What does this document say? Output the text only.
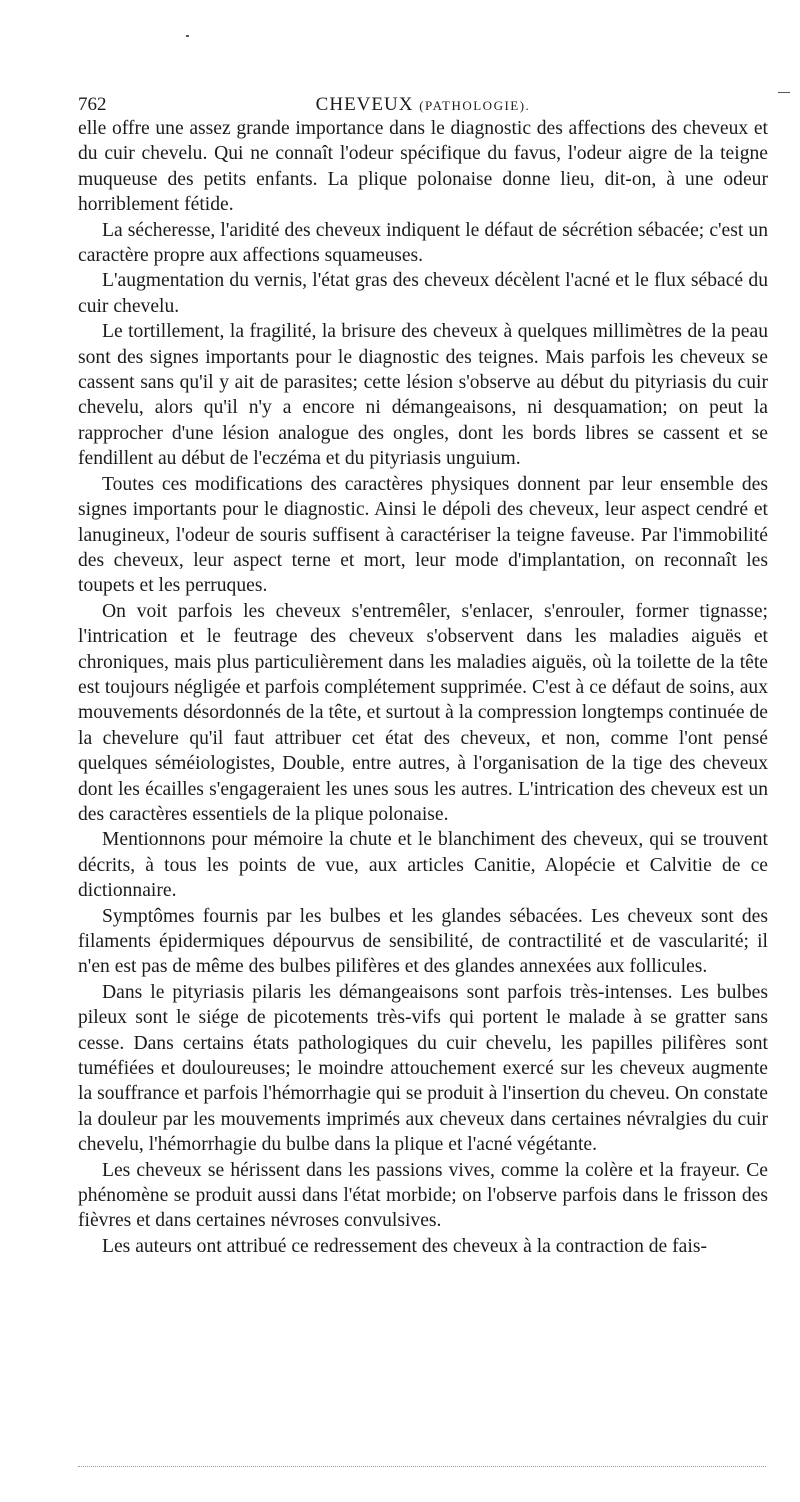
762	CHEVEUX (PATHOLOGIE).

elle offre une assez grande importance dans le diagnostic des affections des cheveux et du cuir chevelu. Qui ne connaît l'odeur spécifique du favus, l'odeur aigre de la teigne muqueuse des petits enfants. La plique polonaise donne lieu, dit-on, à une odeur horriblement fétide.

La sécheresse, l'aridité des cheveux indiquent le défaut de sécrétion sébacée; c'est un caractère propre aux affections squameuses.

L'augmentation du vernis, l'état gras des cheveux décèlent l'acné et le flux sébacé du cuir chevelu.

Le tortillement, la fragilité, la brisure des cheveux à quelques millimètres de la peau sont des signes importants pour le diagnostic des teignes. Mais parfois les cheveux se cassent sans qu'il y ait de parasites; cette lésion s'observe au début du pityriasis du cuir chevelu, alors qu'il n'y a encore ni démangeaisons, ni desquamation; on peut la rapprocher d'une lésion analogue des ongles, dont les bords libres se cassent et se fendillent au début de l'eczéma et du pityriasis unguium.

Toutes ces modifications des caractères physiques donnent par leur ensemble des signes importants pour le diagnostic. Ainsi le dépoli des cheveux, leur aspect cendré et lanugineux, l'odeur de souris suffisent à caractériser la teigne faveuse. Par l'immobilité des cheveux, leur aspect terne et mort, leur mode d'implantation, on reconnaît les toupets et les perruques.

On voit parfois les cheveux s'entremêler, s'enlacer, s'enrouler, former tignasse; l'intrication et le feutrage des cheveux s'observent dans les maladies aiguës et chroniques, mais plus particulièrement dans les maladies aiguës, où la toilette de la tête est toujours négligée et parfois complétement supprimée. C'est à ce défaut de soins, aux mouvements désordonnés de la tête, et surtout à la compression longtemps continuée de la chevelure qu'il faut attribuer cet état des cheveux, et non, comme l'ont pensé quelques séméiologistes, Double, entre autres, à l'organisation de la tige des cheveux dont les écailles s'engageraient les unes sous les autres. L'intrication des cheveux est un des caractères essentiels de la plique polonaise.

Mentionnons pour mémoire la chute et le blanchiment des cheveux, qui se trouvent décrits, à tous les points de vue, aux articles Canitie, Alopécie et Calvitie de ce dictionnaire.

Symptômes fournis par les bulbes et les glandes sébacées. Les cheveux sont des filaments épidermiques dépourvus de sensibilité, de contractilité et de vascularité; il n'en est pas de même des bulbes pilifères et des glandes annexées aux follicules.

Dans le pityriasis pilaris les démangeaisons sont parfois très-intenses. Les bulbes pileux sont le siége de picotements très-vifs qui portent le malade à se gratter sans cesse. Dans certains états pathologiques du cuir chevelu, les papilles pilifères sont tuméfiées et douloureuses; le moindre attouchement exercé sur les cheveux augmente la souffrance et parfois l'hémorrhagie qui se produit à l'insertion du cheveu. On constate la douleur par les mouvements imprimés aux cheveux dans certaines névralgies du cuir chevelu, l'hémorrhagie du bulbe dans la plique et l'acné végétante.

Les cheveux se hérissent dans les passions vives, comme la colère et la frayeur. Ce phénomène se produit aussi dans l'état morbide; on l'observe parfois dans le frisson des fièvres et dans certaines névroses convulsives.

Les auteurs ont attribué ce redressement des cheveux à la contraction de fais-
